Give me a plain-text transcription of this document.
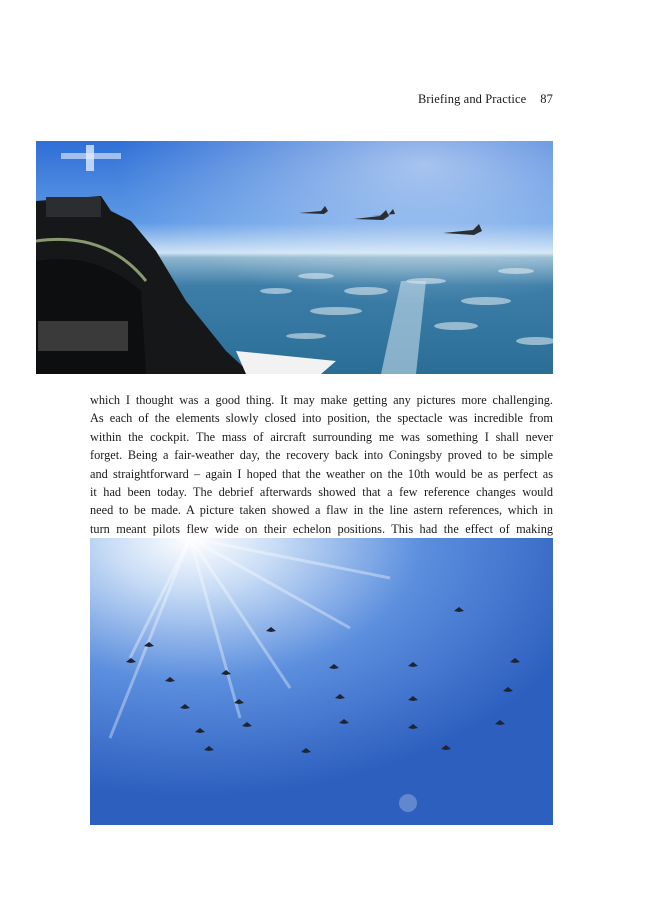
Briefing and Practice 87

which I thought was a good thing. It may make getting any pictures more challenging.
As each of the elements slowly closed into position, the spectacle was incredible from
within the cockpit. The mass of aircraft surrounding me was something I shall never
forget. Being a fair-weather day, the recovery back into Coningsby proved to be simple
and straightforward – again I hoped that the weather on the 10th would be as perfect as
it had been today. The debrief afterwards showed that a few reference changes would
need to be made. A picture taken showed a flaw in the line astern references, which in
turn meant pilots flew wide on their echelon positions. This had the effect of making
